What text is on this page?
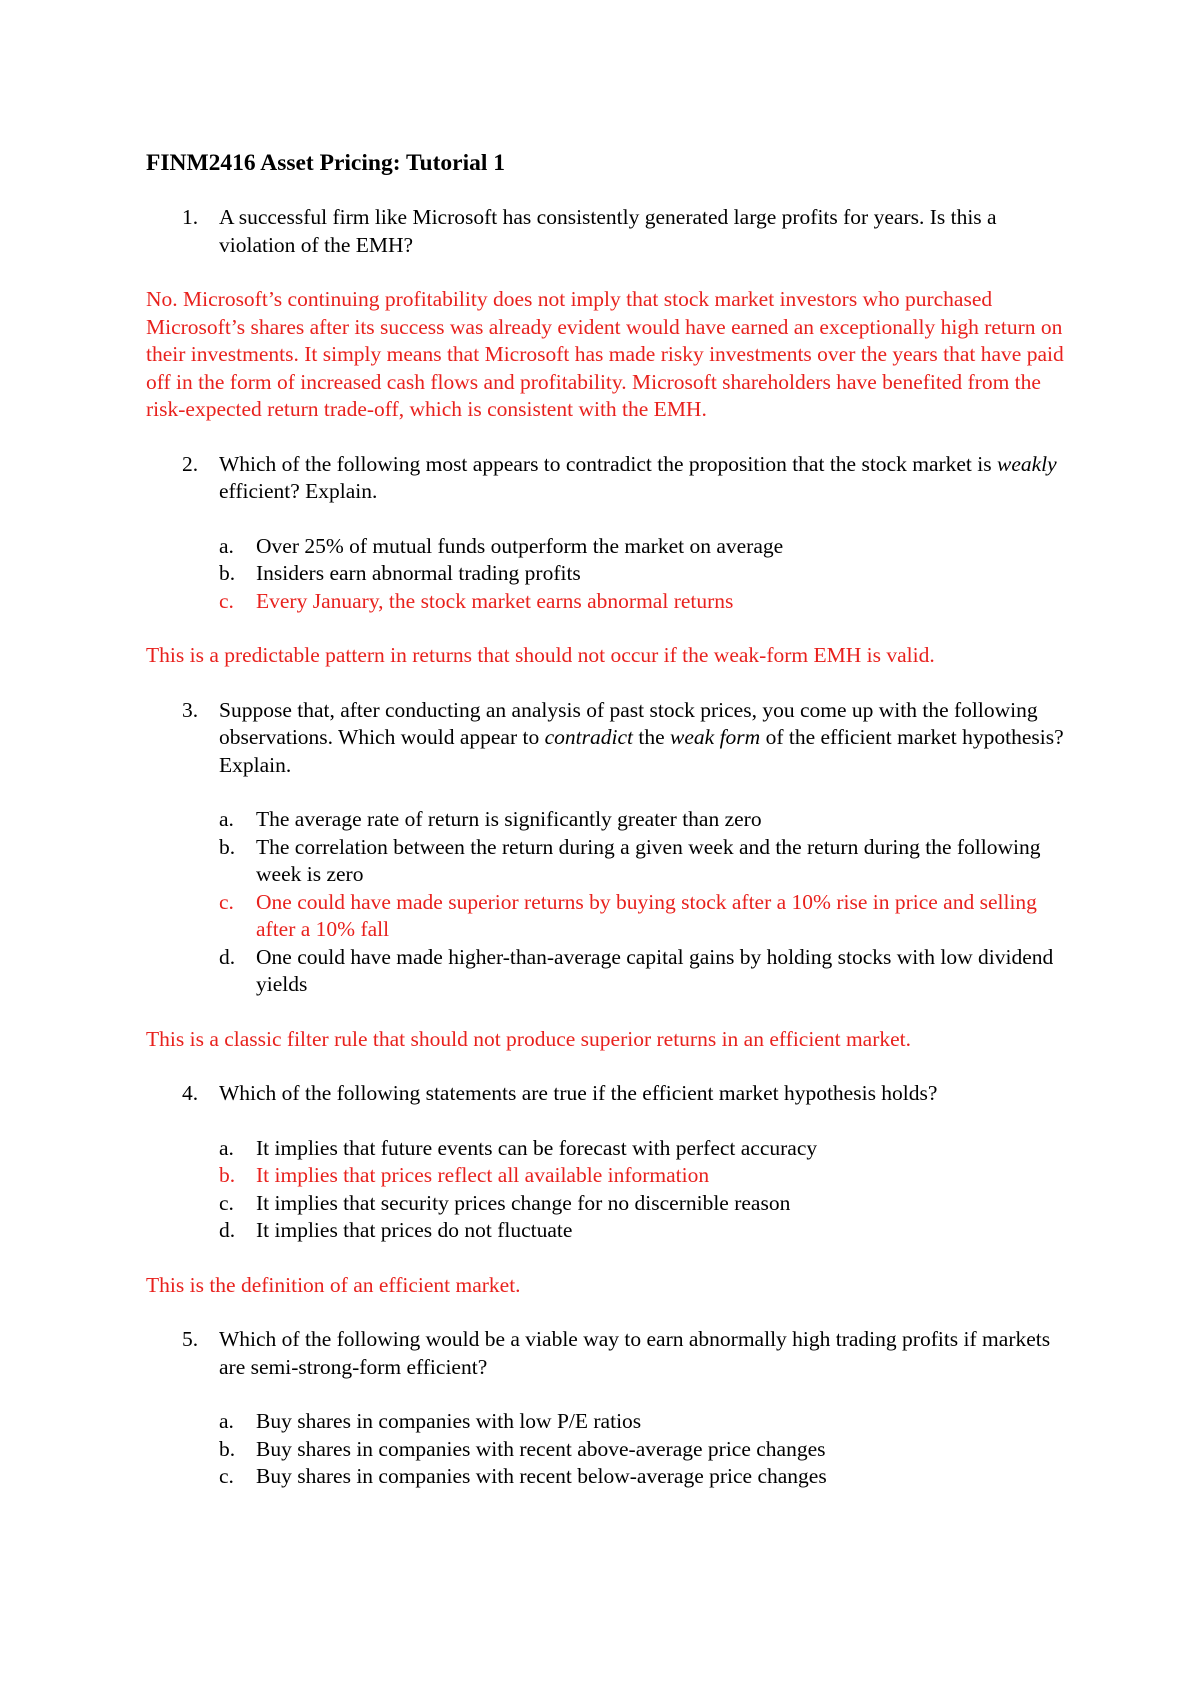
FINM2416 Asset Pricing: Tutorial 1
1. A successful firm like Microsoft has consistently generated large profits for years. Is this a violation of the EMH?

No. Microsoft’s continuing profitability does not imply that stock market investors who purchased Microsoft’s shares after its success was already evident would have earned an exceptionally high return on their investments. It simply means that Microsoft has made risky investments over the years that have paid off in the form of increased cash flows and profitability. Microsoft shareholders have benefited from the risk-expected return trade-off, which is consistent with the EMH.

2. Which of the following most appears to contradict the proposition that the stock market is weakly efficient? Explain.
a.	Over 25% of mutual funds outperform the market on average
b. Insiders earn abnormal trading profits
c.	Every January, the stock market earns abnormal returns

This is a predictable pattern in returns that should not occur if the weak-form EMH is valid.

3. Suppose that, after conducting an analysis of past stock prices, you come up with the following observations. Which would appear to contradict the weak form of the efficient market hypothesis? Explain.
a.	The average rate of return is significantly greater than zero
b. The correlation between the return during a given week and the return during the following week is zero
c.	One could have made superior returns by buying stock after a 10% rise in price and selling after a 10% fall
d. One could have made higher-than-average capital gains by holding stocks with low dividend yields

This is a classic filter rule that should not produce superior returns in an efficient market.

4. Which of the following statements are true if the efficient market hypothesis holds?
a.	It implies that future events can be forecast with perfect accuracy
b. It implies that prices reflect all available information
c.	It implies that security prices change for no discernible reason
d. It implies that prices do not fluctuate

This is the definition of an efficient market.

5. Which of the following would be a viable way to earn abnormally high trading profits if markets are semi-strong-form efficient?
a.	Buy shares in companies with low P/E ratios
b. Buy shares in companies with recent above-average price changes
c.	Buy shares in companies with recent below-average price changes
